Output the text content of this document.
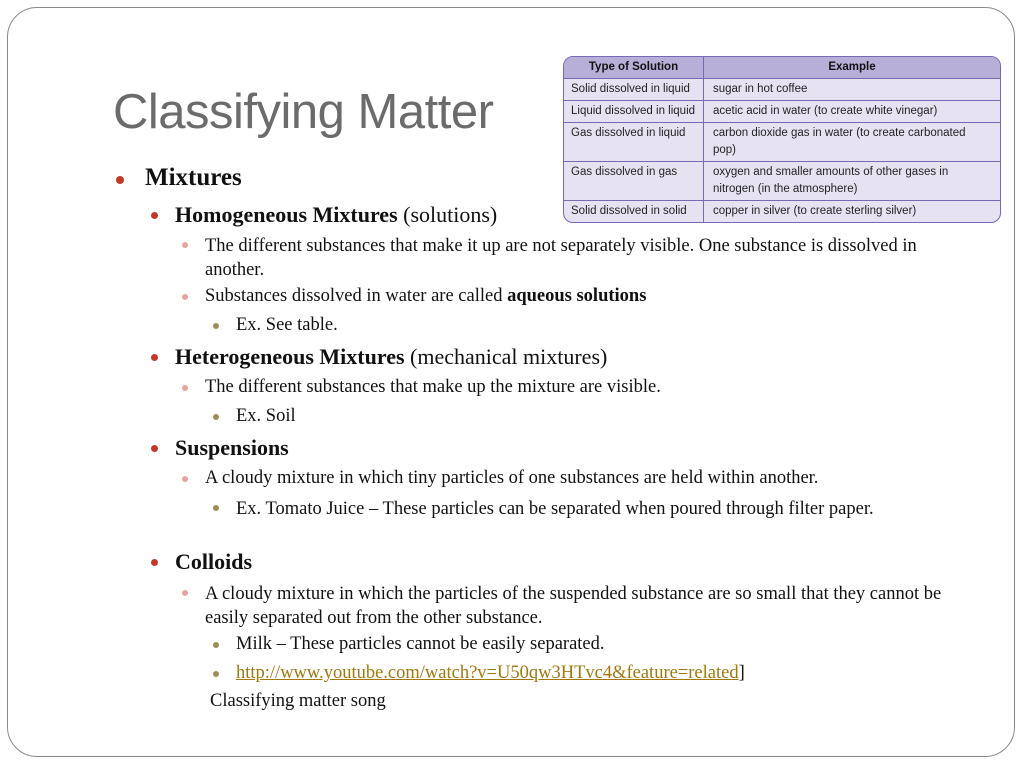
Classifying Matter
Type of Solution	Example
Solid dissolved in liquid	sugar in hot coffee
Liquid dissolved in liquid	acetic acid in water (to create white vinegar)
Gas dissolved in liquid	carbon dioxide gas in water (to create carbonated pop)
Gas dissolved in gas	oxygen and smaller amounts of other gases in nitrogen (in the atmosphere)
Solid dissolved in solid	copper in silver (to create sterling silver)
Mixtures
Homogeneous Mixtures (solutions)
The different substances that make it up are not separately visible. One substance is dissolved in another.
Substances dissolved in water are called aqueous solutions
Ex. See table.
Heterogeneous Mixtures (mechanical mixtures)
The different substances that make up the mixture are visible.
Ex. Soil
Suspensions
A cloudy mixture in which tiny particles of one substances are held within another.
Ex. Tomato Juice – These particles can be separated when poured through filter paper.
Colloids
A cloudy mixture in which the particles of the suspended substance are so small that they cannot be easily separated out from the other substance.
Milk – These particles cannot be easily separated.
http://www.youtube.com/watch?v=U50qw3HTvc4&feature=related]
Classifying matter song
